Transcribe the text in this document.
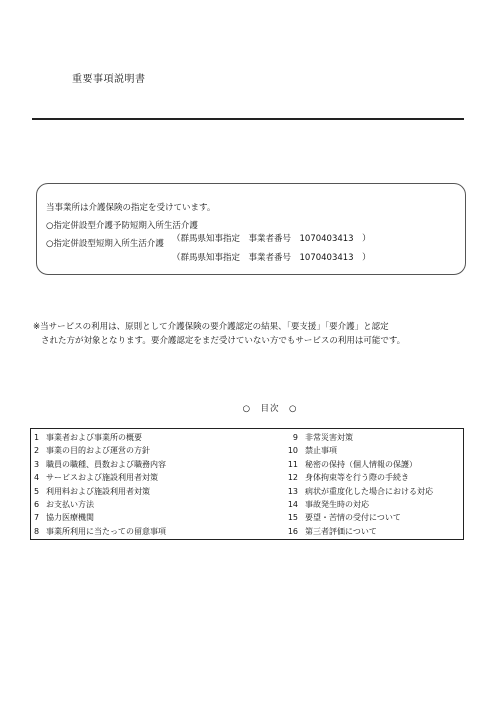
重要事項説明書
当事業所は介護保険の指定を受けています。
○指定併設型介護予防短期入所生活介護
（群馬県知事指定　事業者番号　1070403413　）
○指定併設型短期入所生活介護
（群馬県知事指定　事業者番号　1070403413　）
※当サービスの利用は、原則として介護保険の要介護認定の結果、「要支援」「要介護」と認定
された方が対象となります。要介護認定をまだ受けていない方でもサービスの利用は可能です。
○　目次　○
1 事業者および事業所の概要
2 事業の目的および運営の方針
3 職員の職種、員数および職務内容
4 サービスおよび施設利用者対策
5 利用料および施設利用者対策
6 お支払い方法
7 協力医療機関
8 事業所利用に当たっての留意事項
9 非常災害対策
10 禁止事項
11 秘密の保持（個人情報の保護）
12 身体拘束等を行う際の手続き
13 病状が重度化した場合における対応
14 事故発生時の対応
15 要望・苦情の受付について
16 第三者評価について
